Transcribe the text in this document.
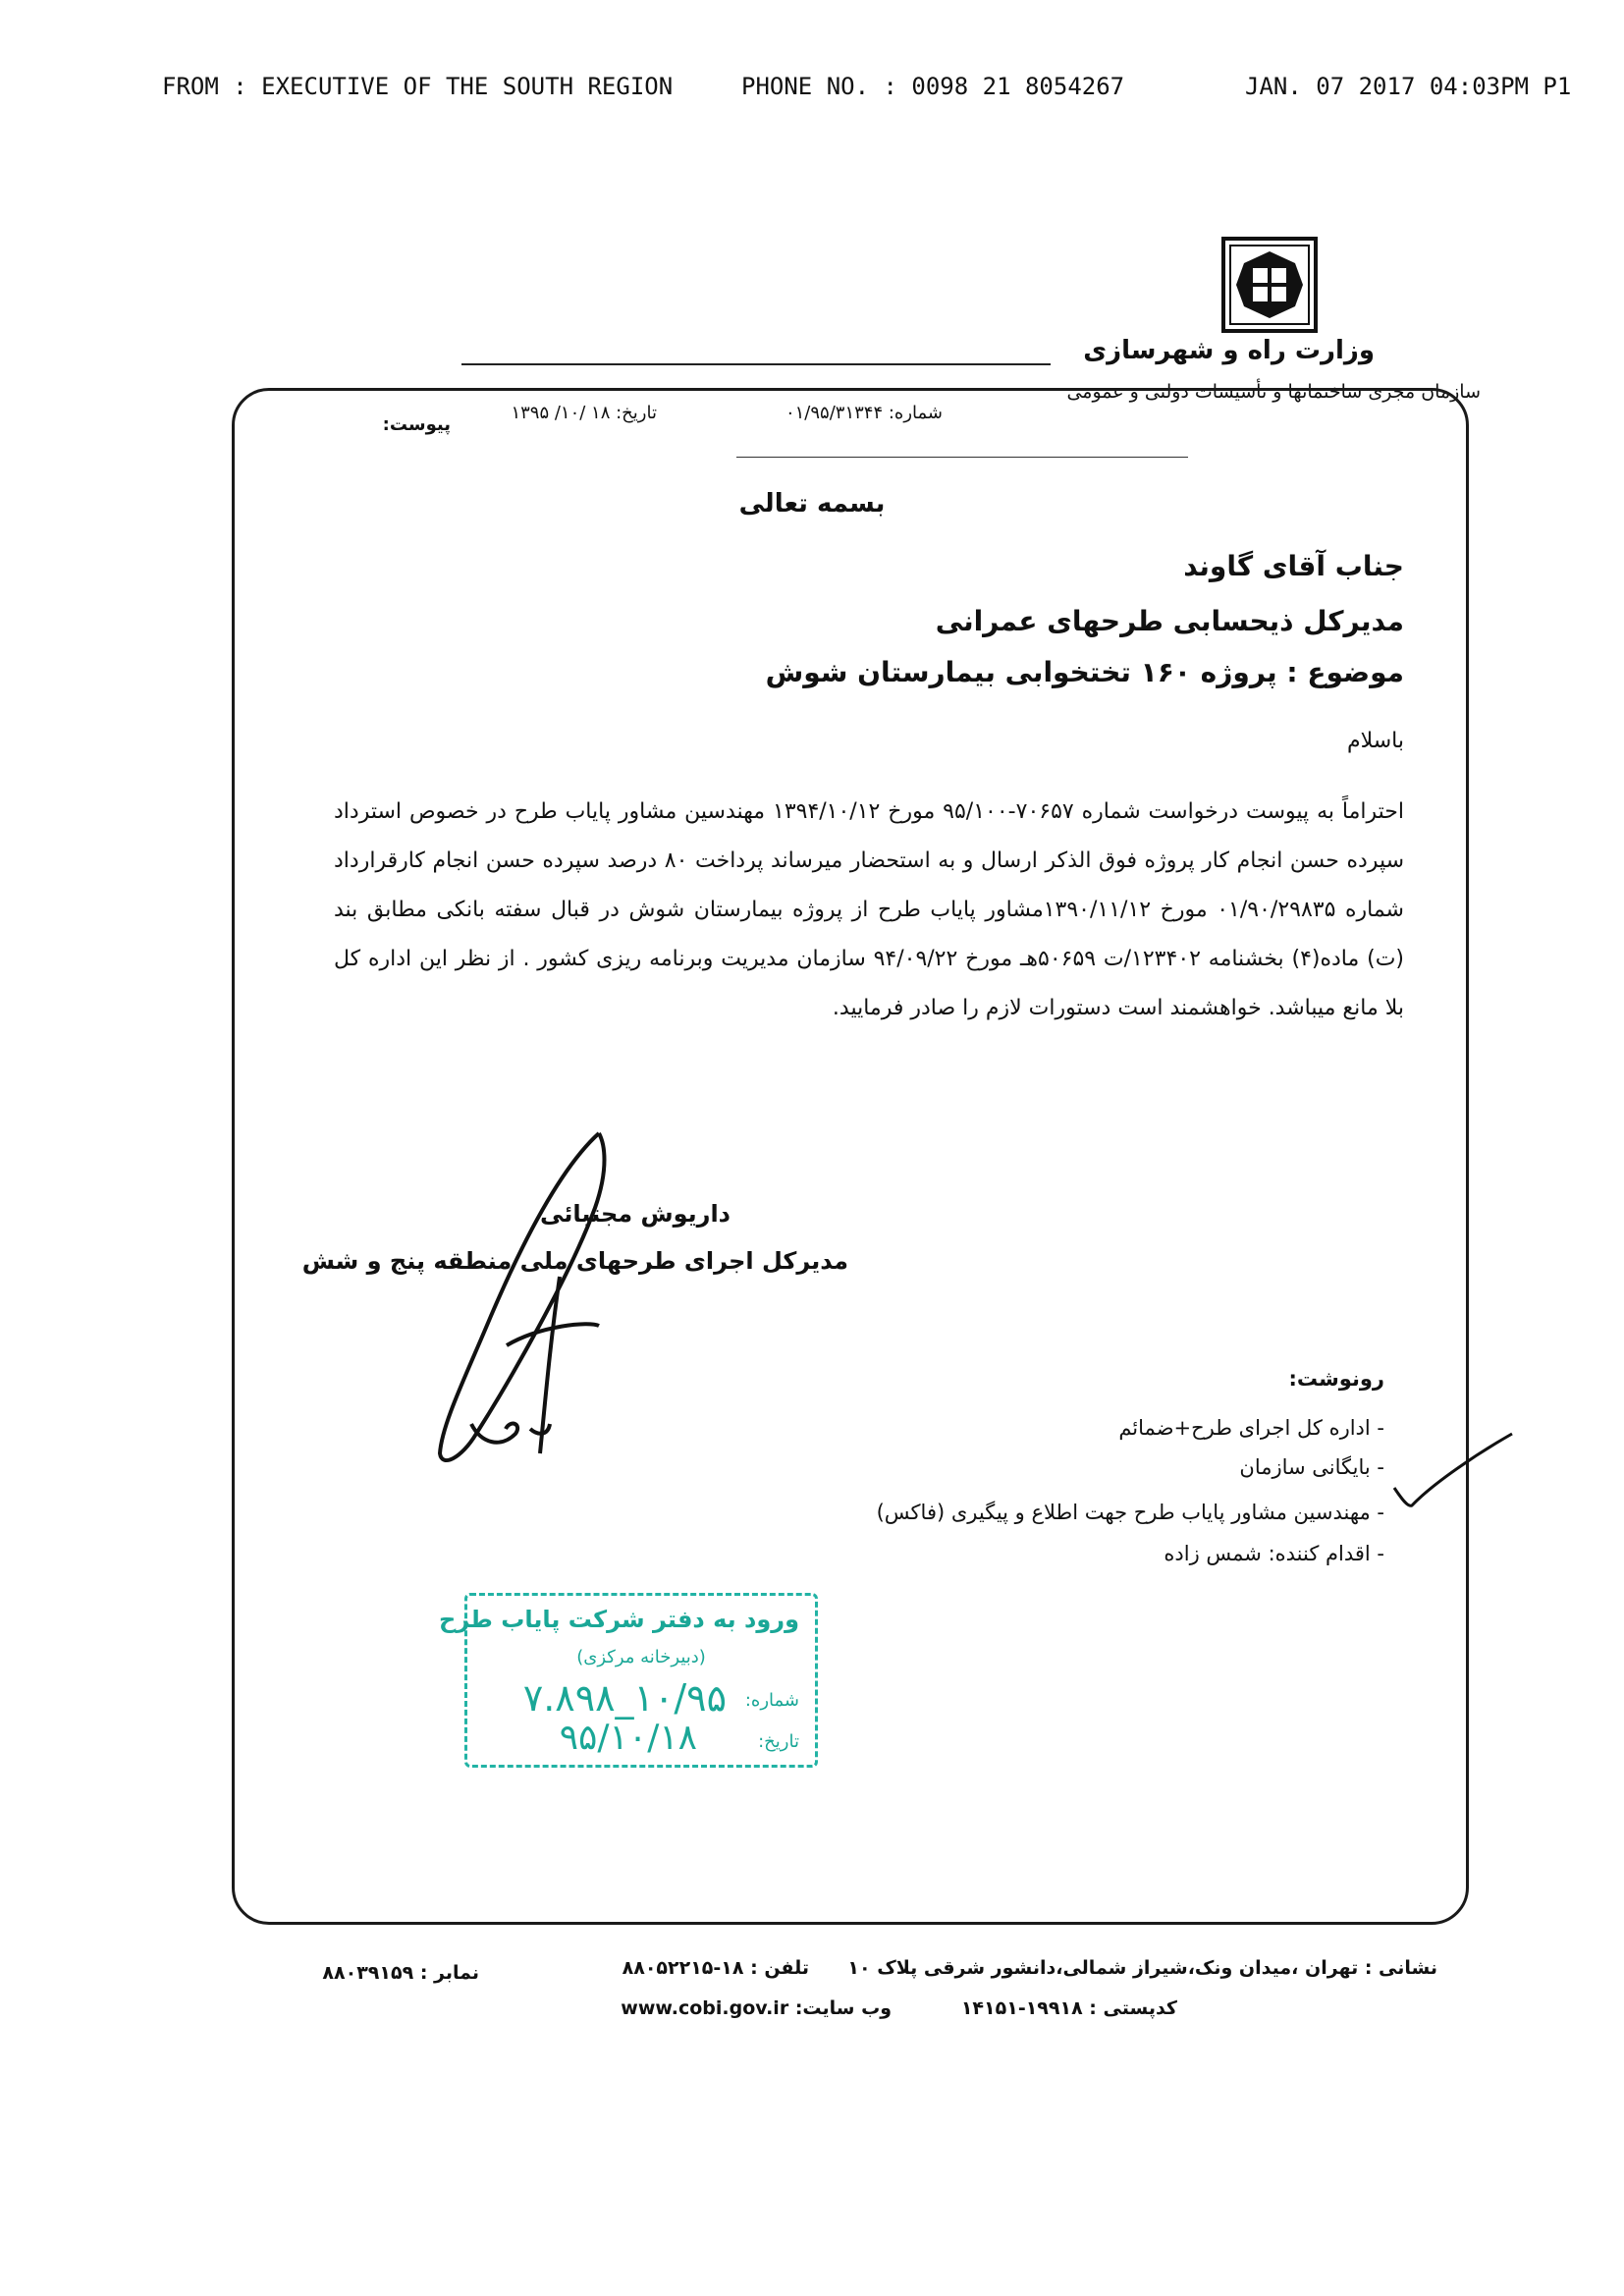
FROM : EXECUTIVE OF THE SOUTH REGION	PHONE NO. : 0098 21 8054267	JAN. 07 2017 04:03PM P1
وزارت راه و شهرسازی
سازمان مجری ساختمانها و تأسیسات دولتی و عمومی
شماره: ۰۱/۹۵/۳۱۳۴۴
تاریخ: ۱۸ /۱۰/ ۱۳۹۵
پیوست:
بسمه تعالی
جناب آقای گاوند
مدیرکل ذیحسابی طرحهای عمرانی
موضوع : پروژه ۱۶۰ تختخوابی بیمارستان شوش
باسلام
احتراماً به پیوست درخواست شماره ۷۰۶۵۷-۹۵/۱۰۰ مورخ ۱۳۹۴/۱۰/۱۲ مهندسین مشاور پایاب طرح در خصوص استرداد سپرده حسن انجام کار پروژه فوق الذکر ارسال و به استحضار میرساند پرداخت ۸۰ درصد سپرده حسن انجام کارقرارداد شماره ۰۱/۹۰/۲۹۸۳۵ مورخ ۱۳۹۰/۱۱/۱۲مشاور پایاب طرح از پروژه بیمارستان شوش در قبال سفته بانکی مطابق بند (ت) ماده(۴) بخشنامه ۱۲۳۴۰۲/ت ۵۰۶۵۹هـ مورخ ۹۴/۰۹/۲۲ سازمان مدیریت وبرنامه ریزی کشور . از نظر این اداره کل بلا مانع میباشد. خواهشمند است دستورات لازم را صادر فرمایید.
داریوش مجتبائی
مدیرکل اجرای طرحهای ملی منطقه پنج و شش
رونوشت:
- اداره کل اجرای طرح+ضمائم
- بایگانی سازمان
- مهندسین مشاور پایاب طرح جهت اطلاع و پیگیری (فاکس)
- اقدام کننده: شمس زاده
ورود به دفتر شرکت پایاب طرح
(دبیرخانه مرکزی)
شماره:
۱۰/۹۵_۷.۸۹۸
تاریخ:
۹۵/۱۰/۱۸
نشانی : تهران ،میدان ونک،شیراز شمالی،دانشور شرقی پلاک ۱۰
کدپستی : ۱۹۹۱۸-۱۴۱۵۱
تلفن : ۱۸-۸۸۰۵۲۲۱۵
وب سایت: www.cobi.gov.ir
نمابر : ۸۸۰۳۹۱۵۹
